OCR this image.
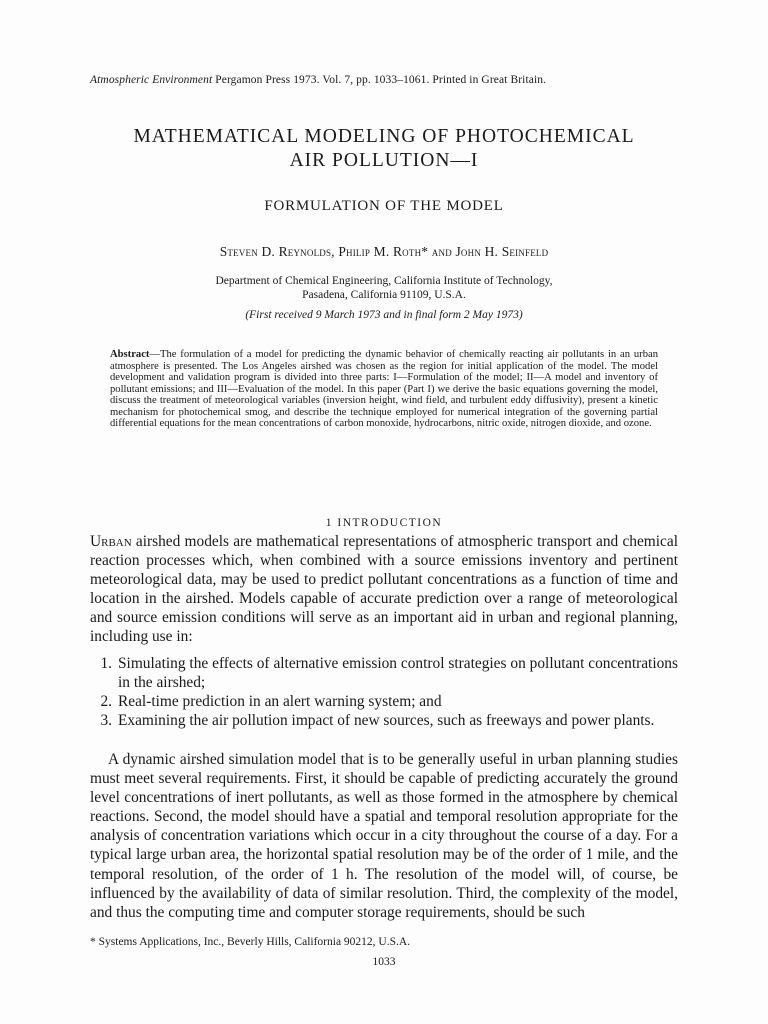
Atmospheric Environment Pergamon Press 1973. Vol. 7, pp. 1033–1061. Printed in Great Britain.
MATHEMATICAL MODELING OF PHOTOCHEMICAL
AIR POLLUTION—I
FORMULATION OF THE MODEL
Steven D. Reynolds, Philip M. Roth* and John H. Seinfeld
Department of Chemical Engineering, California Institute of Technology,
Pasadena, California 91109, U.S.A.
(First received 9 March 1973 and in final form 2 May 1973)
Abstract—The formulation of a model for predicting the dynamic behavior of chemically reacting air pollutants in an urban atmosphere is presented. The Los Angeles airshed was chosen as the region for initial application of the model. The model development and validation program is divided into three parts: I—Formulation of the model; II—A model and inventory of pollutant emissions; and III—Evaluation of the model. In this paper (Part I) we derive the basic equations governing the model, discuss the treatment of meteorological variables (inversion height, wind field, and turbulent eddy diffusivity), present a kinetic mechanism for photochemical smog, and describe the technique employed for numerical integration of the governing partial differential equations for the mean concentrations of carbon monoxide, hydrocarbons, nitric oxide, nitrogen dioxide, and ozone.
1 INTRODUCTION
Urban airshed models are mathematical representations of atmospheric transport and chemical reaction processes which, when combined with a source emissions inventory and pertinent meteorological data, may be used to predict pollutant concentrations as a function of time and location in the airshed. Models capable of accurate prediction over a range of meteorological and source emission conditions will serve as an important aid in urban and regional planning, including use in:
1. Simulating the effects of alternative emission control strategies on pollutant concentrations in the airshed;
2. Real-time prediction in an alert warning system; and
3. Examining the air pollution impact of new sources, such as freeways and power plants.
A dynamic airshed simulation model that is to be generally useful in urban planning studies must meet several requirements. First, it should be capable of predicting accurately the ground level concentrations of inert pollutants, as well as those formed in the atmosphere by chemical reactions. Second, the model should have a spatial and temporal resolution appropriate for the analysis of concentration variations which occur in a city throughout the course of a day. For a typical large urban area, the horizontal spatial resolution may be of the order of 1 mile, and the temporal resolution, of the order of 1 h. The resolution of the model will, of course, be influenced by the availability of data of similar resolution. Third, the complexity of the model, and thus the computing time and computer storage requirements, should be such
* Systems Applications, Inc., Beverly Hills, California 90212, U.S.A.
1033
